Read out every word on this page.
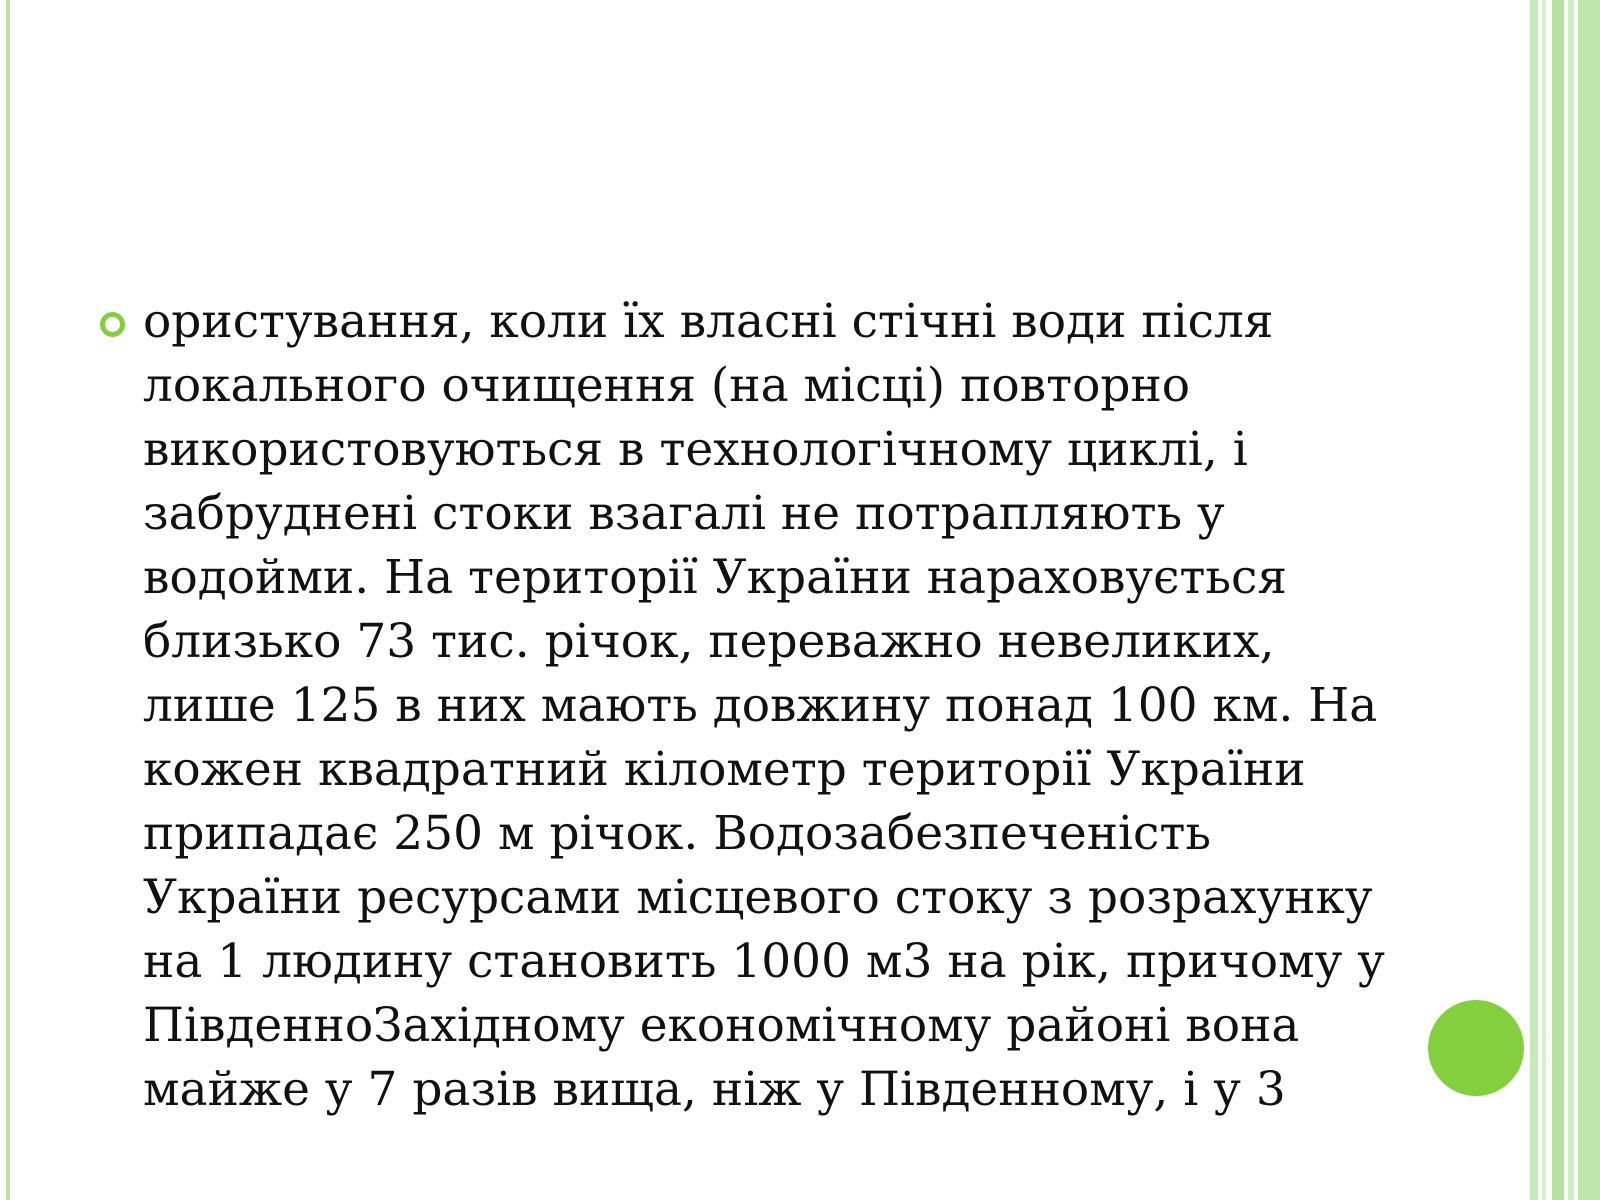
ористування, коли їх власні стічні води після локального очищення (на місці) повторно використовуються в технологічному циклі, і забруднені стоки взагалі не потрапляють у водойми. На території України нараховується близько 73 тис. річок, переважно невеликих, лише 125 в них мають довжину понад 100 км. На кожен квадратний кілометр території України припадає 250 м річок. Водозабезпеченість України ресурсами місцевого стоку з розрахунку на 1 людину становить 1000 м3 на рік, причому у ПівденноЗахідному економічному районі вона майже у 7 разів вища, ніж у Південному, і у 3
